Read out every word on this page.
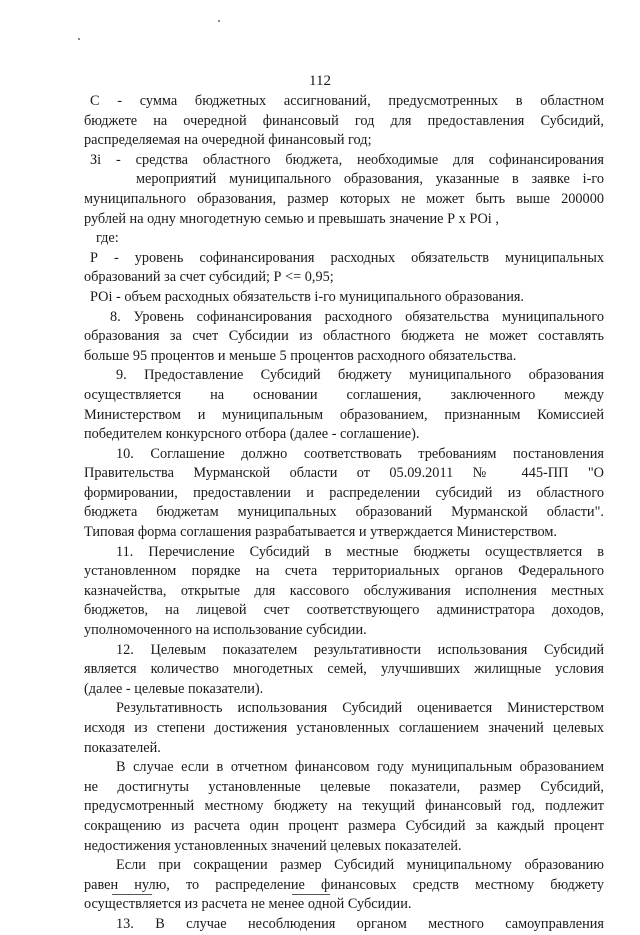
112
С - сумма бюджетных ассигнований, предусмотренных в областном
бюджете на очередной финансовый год для предоставления Субсидий,
распределяемая на очередной финансовый год;
Зi - средства областного бюджета, необходимые для софинансирования
мероприятий муниципального образования, указанные в заявке i-го
муниципального образования, размер которых не может быть выше 200000
рублей на одну многодетную семью и превышать значение Р х РОi ,
где:
Р - уровень софинансирования расходных обязательств муниципальных
образований за счет субсидий; Р <= 0,95;
РОi - объем расходных обязательств i-го муниципального образования.
8. Уровень софинансирования расходного обязательства муниципального
образования за счет Субсидии из областного бюджета не может составлять
больше 95 процентов и меньше 5 процентов расходного обязательства.
9. Предоставление Субсидий бюджету муниципального образования
осуществляется на основании соглашения, заключенного между
Министерством и муниципальным образованием, признанным Комиссией
победителем конкурсного отбора (далее - соглашение).
10. Соглашение должно соответствовать требованиям постановления
Правительства Мурманской области от 05.09.2011 № 445-ПП "О
формировании, предоставлении и распределении субсидий из областного
бюджета бюджетам муниципальных образований Мурманской области".
Типовая форма соглашения разрабатывается и утверждается Министерством.
11. Перечисление Субсидий в местные бюджеты осуществляется в
установленном порядке на счета территориальных органов Федерального
казначейства, открытые для кассового обслуживания исполнения местных
бюджетов, на лицевой счет соответствующего администратора доходов,
уполномоченного на использование субсидии.
12. Целевым показателем результативности использования Субсидий
является количество многодетных семей, улучшивших жилищные условия
(далее - целевые показатели).
Результативность использования Субсидий оценивается Министерством
исходя из степени достижения установленных соглашением значений целевых
показателей.
В случае если в отчетном финансовом году муниципальным образованием
не достигнуты установленные целевые показатели, размер Субсидий,
предусмотренный местному бюджету на текущий финансовый год, подлежит
сокращению из расчета один процент размера Субсидий за каждый процент
недостижения установленных значений целевых показателей.
Если при сокращении размер Субсидий муниципальному образованию
равен нулю, то распределение финансовых средств местному бюджету
осуществляется из расчета не менее одной Субсидии.
13. В случае несоблюдения органом местного самоуправления
